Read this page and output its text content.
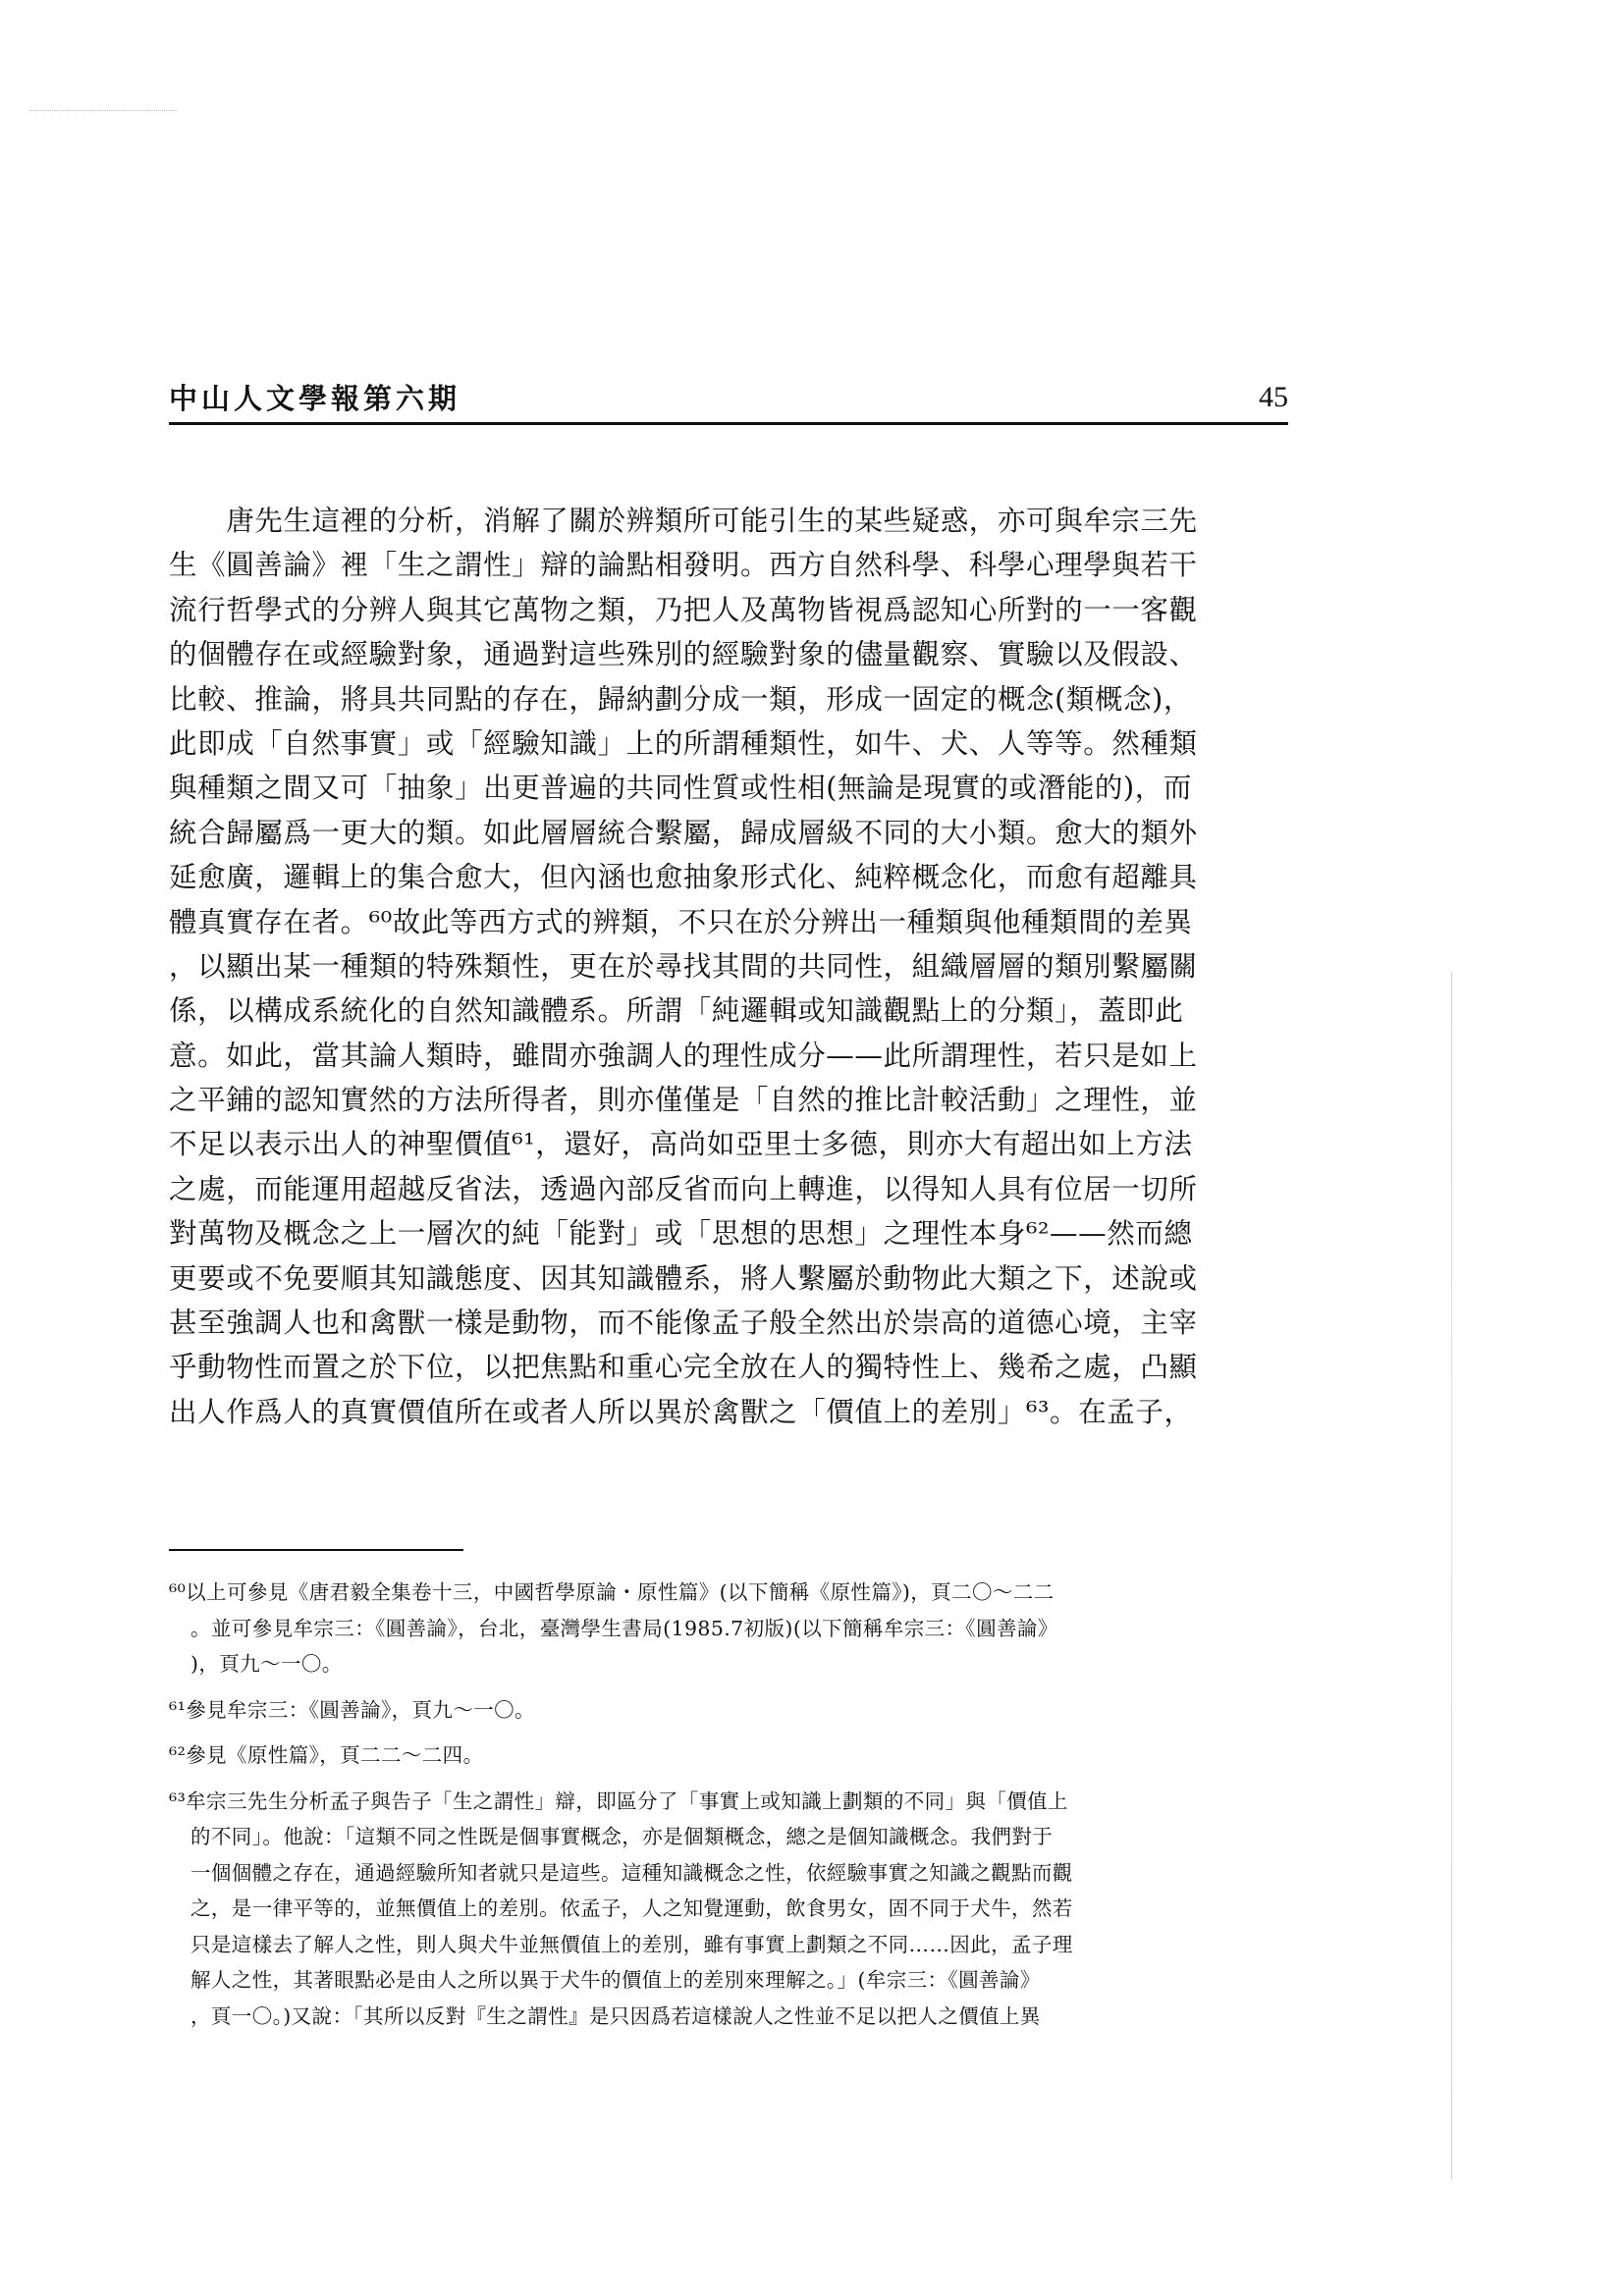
中山人文學報第六期	45
　　唐先生這裡的分析，消解了關於辨類所可能引生的某些疑惑，亦可與牟宗三先
生《圓善論》裡「生之謂性」辯的論點相發明。西方自然科學、科學心理學與若干
流行哲學式的分辨人與其它萬物之類，乃把人及萬物皆視爲認知心所對的一一客觀
的個體存在或經驗對象，通過對這些殊別的經驗對象的儘量觀察、實驗以及假設、
比較、推論，將具共同點的存在，歸納劃分成一類，形成一固定的概念(類概念)，
此即成「自然事實」或「經驗知識」上的所謂種類性，如牛、犬、人等等。然種類
與種類之間又可「抽象」出更普遍的共同性質或性相(無論是現實的或潛能的)，而
統合歸屬爲一更大的類。如此層層統合繫屬，歸成層級不同的大小類。愈大的類外
延愈廣，邏輯上的集合愈大，但內涵也愈抽象形式化、純粹概念化，而愈有超離具
體真實存在者。⁶⁰故此等西方式的辨類，不只在於分辨出一種類與他種類間的差異
，以顯出某一種類的特殊類性，更在於尋找其間的共同性，組織層層的類別繫屬關
係，以構成系統化的自然知識體系。所謂「純邏輯或知識觀點上的分類」，蓋即此
意。如此，當其論人類時，雖間亦強調人的理性成分——此所謂理性，若只是如上
之平鋪的認知實然的方法所得者，則亦僅僅是「自然的推比計較活動」之理性，並
不足以表示出人的神聖價值⁶¹，還好，高尚如亞里士多德，則亦大有超出如上方法
之處，而能運用超越反省法，透過內部反省而向上轉進，以得知人具有位居一切所
對萬物及概念之上一層次的純「能對」或「思想的思想」之理性本身⁶²——然而總
更要或不免要順其知識態度、因其知識體系，將人繫屬於動物此大類之下，述說或
甚至強調人也和禽獸一樣是動物，而不能像孟子般全然出於崇高的道德心境，主宰
乎動物性而置之於下位，以把焦點和重心完全放在人的獨特性上、幾希之處，凸顯
出人作爲人的真實價值所在或者人所以異於禽獸之「價值上的差別」⁶³。在孟子，
⁶⁰以上可參見《唐君毅全集卷十三，中國哲學原論・原性篇》(以下簡稱《原性篇》)，頁二〇～二二
。並可參見牟宗三：《圓善論》，台北，臺灣學生書局(1985.7初版)(以下簡稱牟宗三：《圓善論》
)，頁九～一〇。
⁶¹參見牟宗三：《圓善論》，頁九～一〇。
⁶²參見《原性篇》，頁二二～二四。
⁶³牟宗三先生分析孟子與告子「生之謂性」辯，即區分了「事實上或知識上劃類的不同」與「價值上
的不同」。他說：「這類不同之性既是個事實概念，亦是個類概念，總之是個知識概念。我們對于
一個個體之存在，通過經驗所知者就只是這些。這種知識概念之性，依經驗事實之知識之觀點而觀
之，是一律平等的，並無價值上的差別。依孟子，人之知覺運動，飲食男女，固不同于犬牛，然若
只是這樣去了解人之性，則人與犬牛並無價值上的差別，雖有事實上劃類之不同……因此，孟子理
解人之性，其著眼點必是由人之所以異于犬牛的價值上的差別來理解之。」(牟宗三：《圓善論》
，頁一〇。)又說：「其所以反對『生之謂性』是只因爲若這樣說人之性並不足以把人之價值上異
